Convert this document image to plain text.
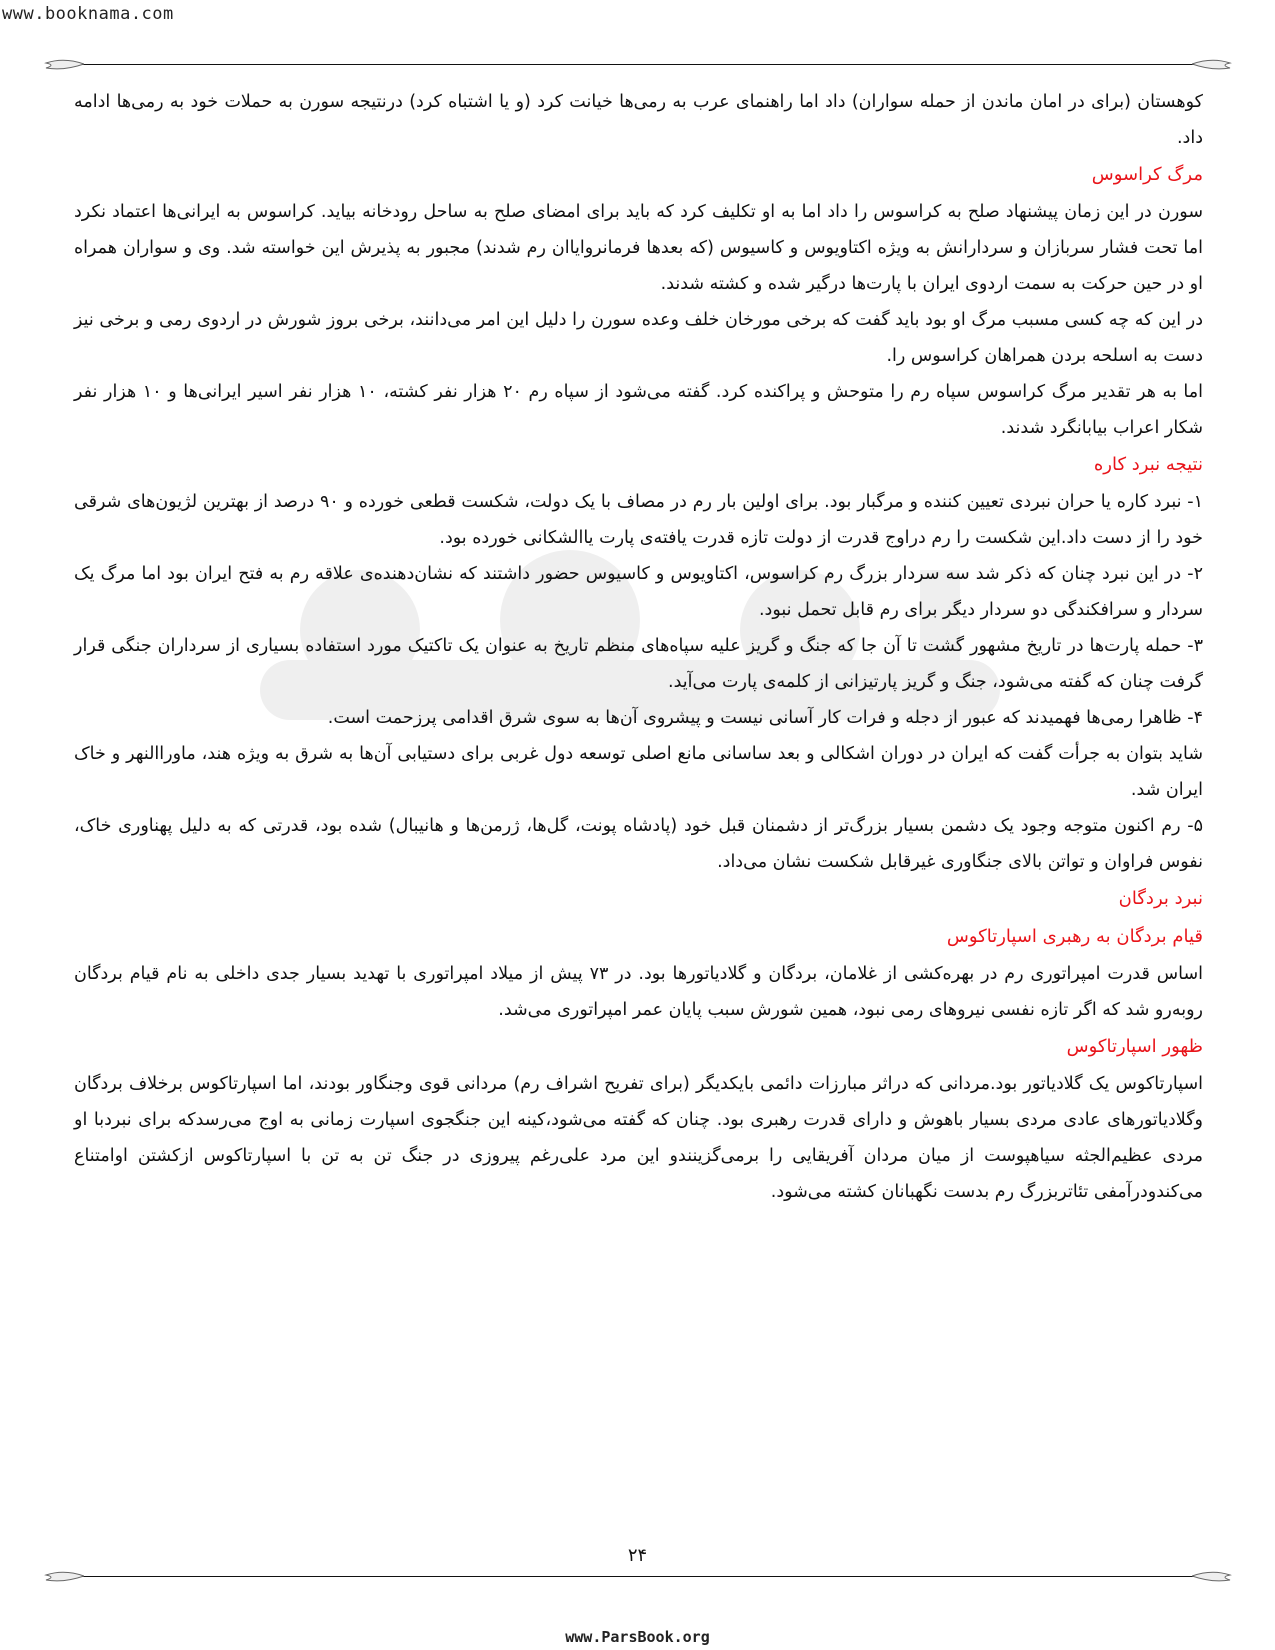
www.booknama.com

کوهستان (برای در امان ماندن از حمله سواران) داد اما راهنمای عرب به رمی‌ها خیانت کرد (و یا اشتباه کرد) درنتیجه سورن به حملات خود به رمی‌ها ادامه داد.

مرگ کراسوس

سورن در این زمان پیشنهاد صلح به کراسوس را داد اما به او تکلیف کرد که باید برای امضای صلح به ساحل رودخانه بیاید. کراسوس به ایرانی‌ها اعتماد نکرد اما تحت فشار سربازان و سردارانش به ویژه اکتاویوس و کاسیوس (که بعدها فرمانروایاان رم شدند) مجبور به پذیرش این خواسته شد. وی و سواران همراه او در حین حرکت به سمت اردوی ایران با پارت‌ها درگیر شده و کشته شدند.

در این که چه کسی مسبب مرگ او بود باید گفت که برخی مورخان خلف وعده سورن را دلیل این امر می‌دانند، برخی بروز شورش در اردوی رمی و برخی نیز دست به اسلحه بردن همراهان کراسوس را.

اما به هر تقدیر مرگ کراسوس سپاه رم را متوحش و پراکنده کرد. گفته می‌شود از سپاه رم ۲۰ هزار نفر کشته، ۱۰ هزار نفر اسیر ایرانی‌ها و ۱۰ هزار نفر شکار اعراب بیابانگرد شدند.

نتیجه نبرد کاره

۱- نبرد کاره یا حران نبردی تعیین کننده و مرگبار بود. برای اولین بار رم در مصاف با یک دولت، شکست قطعی خورده و ۹۰ درصد از بهترین لژیون‌های شرقی خود را از دست داد.این شکست را رم دراوج قدرت از دولت تازه قدرت یافته‌ی پارت یاالشکانی خورده بود.

۲- در این نبرد چنان که ذکر شد سه سردار بزرگ رم کراسوس، اکتاویوس و کاسیوس حضور داشتند که نشان‌دهنده‌ی علاقه رم به فتح ایران بود اما مرگ یک سردار و سرافکندگی دو سردار دیگر برای رم قابل تحمل نبود.

۳- حمله پارت‌ها در تاریخ مشهور گشت تا آن جا که جنگ و گریز علیه سپاه‌های منظم تاریخ به عنوان یک تاکتیک مورد استفاده بسیاری از سرداران جنگی قرار گرفت چنان که گفته می‌شود، جنگ و گریز پارتیزانی از کلمه‌ی پارت می‌آید.

۴- ظاهرا رمی‌ها فهمیدند که عبور از دجله و فرات کار آسانی نیست و پیشروی آن‌ها به سوی شرق اقدامی پرزحمت است.

شاید بتوان به جرأت گفت که ایران در دوران اشکالی و بعد ساسانی مانع اصلی توسعه دول غربی برای دستیابی آن‌ها به شرق به ویژه هند، ماوراالنهر و خاک ایران شد.

۵- رم اکنون متوجه وجود یک دشمن بسیار بزرگ‌تر از دشمنان قبل خود (پادشاه پونت، گل‌ها، ژرمن‌ها و هانیبال) شده بود، قدرتی که به دلیل پهناوری خاک، نفوس فراوان و تواتن بالای جنگاوری غیرقابل شکست نشان می‌داد.

نبرد بردگان
قیام بردگان به رهبری اسپارتاکوس

اساس قدرت امپراتوری رم در بهره‌کشی از غلامان، بردگان و گلادیاتورها بود. در ۷۳ پیش از میلاد امپراتوری با تهدید بسیار جدی داخلی به نام قیام بردگان روبه‌رو شد که اگر تازه نفسی نیروهای رمی نبود، همین شورش سبب پایان عمر امپراتوری می‌شد.

ظهور اسپارتاکوس

اسپارتاکوس یک گلادیاتور بود.مردانی که دراثر مبارزات دائمی بایکدیگر (برای تفریح اشراف رم) مردانی قوی وجنگاور بودند، اما اسپارتاکوس برخلاف بردگان وگلادیاتورهای عادی مردی بسیار باهوش و دارای قدرت رهبری بود. چنان که گفته می‌شود،کینه این جنگجوی اسپارت زمانی به اوج می‌رسدکه برای نبردبا او مردی عظیم‌الجثه سیاهپوست از میان مردان آفریقایی را برمی‌گزینندو این مرد علی‌رغم پیروزی در جنگ تن به تن با اسپارتاکوس ازکشتن اوامتناع می‌کندودرآمفی تئاتربزرگ رم بدست نگهبانان کشته می‌شود.

۲۴
www.ParsBook.org
